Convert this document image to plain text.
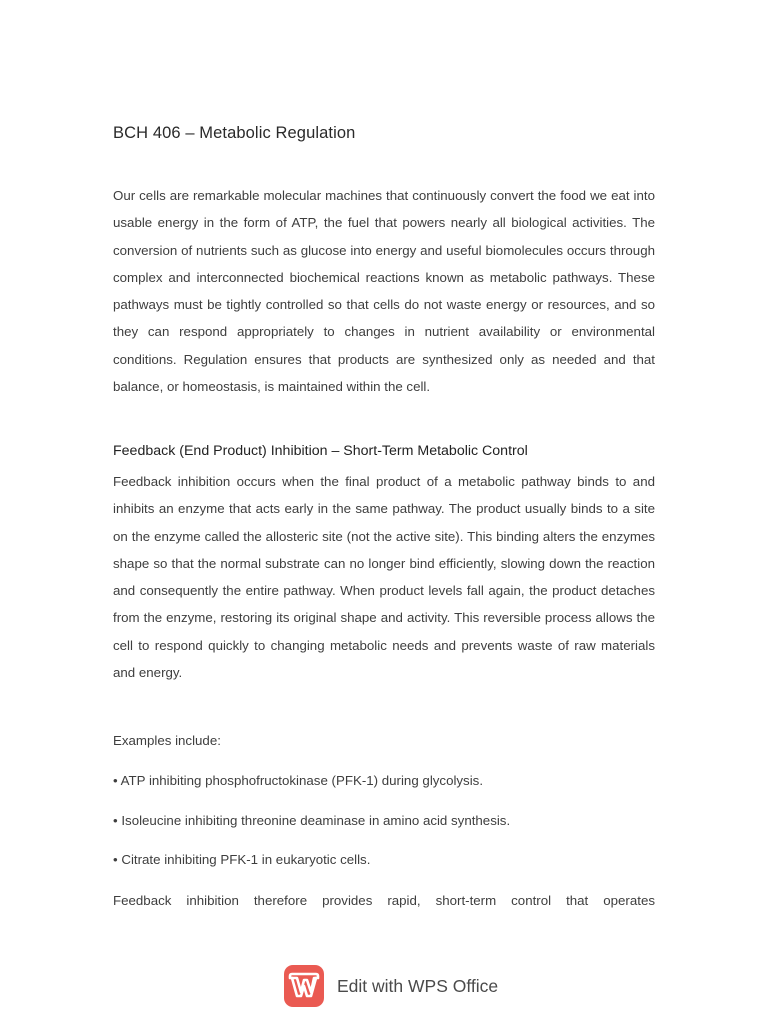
BCH 406 – Metabolic Regulation

Our cells are remarkable molecular machines that continuously convert the food we eat into usable energy in the form of ATP, the fuel that powers nearly all biological activities. The conversion of nutrients such as glucose into energy and useful biomolecules occurs through complex and interconnected biochemical reactions known as metabolic pathways. These pathways must be tightly controlled so that cells do not waste energy or resources, and so they can respond appropriately to changes in nutrient availability or environmental conditions. Regulation ensures that products are synthesized only as needed and that balance, or homeostasis, is maintained within the cell.

Feedback (End Product) Inhibition – Short-Term Metabolic Control

Feedback inhibition occurs when the final product of a metabolic pathway binds to and inhibits an enzyme that acts early in the same pathway. The product usually binds to a site on the enzyme called the allosteric site (not the active site). This binding alters the enzymes shape so that the normal substrate can no longer bind efficiently, slowing down the reaction and consequently the entire pathway. When product levels fall again, the product detaches from the enzyme, restoring its original shape and activity. This reversible process allows the cell to respond quickly to changing metabolic needs and prevents waste of raw materials and energy.

Examples include:

• ATP inhibiting phosphofructokinase (PFK-1) during glycolysis.

• Isoleucine inhibiting threonine deaminase in amino acid synthesis.

• Citrate inhibiting PFK-1 in eukaryotic cells.

Feedback inhibition therefore provides rapid, short-term control that operates

Edit with WPS Office
